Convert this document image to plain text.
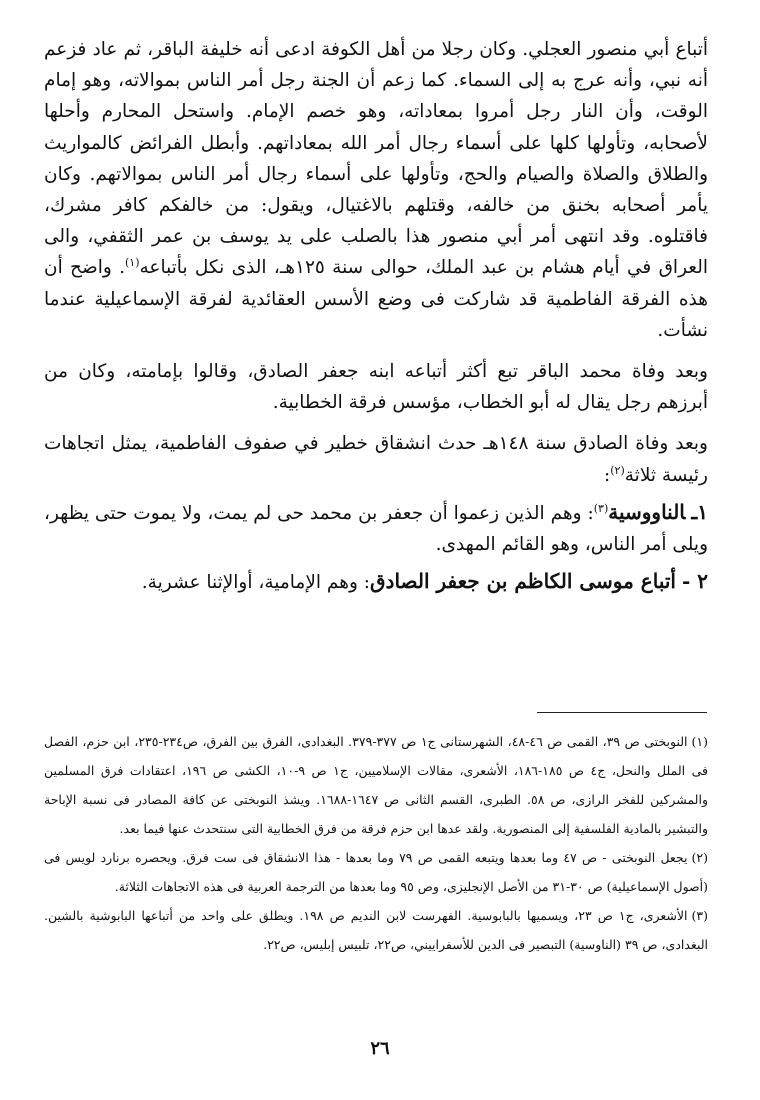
أتباع أبي منصور العجلي. وكان رجلا من أهل الكوفة ادعى أنه خليفة الباقر، ثم عاد فزعم أنه نبي، وأنه عرج به إلى السماء. كما زعم أن الجنة رجل أمر الناس بموالاته، وهو إمام الوقت، وأن النار رجل أمروا بمعاداته، وهو خصم الإمام. واستحل المحارم وأحلها لأصحابه، وتأولها كلها على أسماء رجال أمر الله بمعاداتهم. وأبطل الفرائض كالمواريث والطلاق والصلاة والصيام والحج، وتأولها على أسماء رجال أمر الناس بموالاتهم. وكان يأمر أصحابه بخنق من خالفه، وقتلهم بالاغتيال، ويقول: من خالفكم كافر مشرك، فاقتلوه. وقد انتهى أمر أبي منصور هذا بالصلب على يد يوسف بن عمر الثقفي، والى العراق في أيام هشام بن عبد الملك، حوالى سنة ١٢٥هـ، الذى نكل بأتباعه$^{(١)}$. واضح أن هذه الفرقة الفاطمية قد شاركت فى وضع الأسس العقائدية لفرقة الإسماعيلية عندما نشأت.

وبعد وفاة محمد الباقر تبع أكثر أتباعه ابنه جعفر الصادق، وقالوا بإمامته، وكان من أبرزهم رجل يقال له أبو الخطاب، مؤسس فرقة الخطابية.

وبعد وفاة الصادق سنة ١٤٨هـ حدث انشقاق خطير في صفوف الفاطمية، يمثل اتجاهات رئيسة ثلاثة$^{(٢)}$:

١ـالناووسية$^{(٣)}$: وهم الذين زعموا أن جعفر بن محمد حى لم يمت، ولا يموت حتى يظهر، ويلى أمر الناس، وهو القائم المهدى.

٢ -أتباع موسى الكاظم بن جعفر الصادق: وهم الإمامية، أوالإثنا عشرية.

(١)النوبختى ص ٣٩، القمى ص ٤٦-٤٨، الشهرستانى ج١ ص ٣٧٧-٣٧٩. البغدادى، الفرق بين الفرق، ص٢٣٤-٢٣٥، ابن حزم، الفصل فى الملل والنحل، ج٤ ص ١٨٥-١٨٦، الأشعرى، مقالات الإسلاميين، ج١ ص ٩-١٠، الكشى ص ١٩٦، اعتقادات فرق المسلمين والمشركين للفخر الرازى، ص ٥٨. الطبرى، القسم الثانى ص ١٦٤٧-١٦٨٨. ويشذ النوبختى عن كافة المصادر فى نسبة الإباحة والتبشير بالمادية الفلسفية إلى المنصورية. ولقد عدها ابن حزم فرقة من فرق الخطابية التى سنتحدث عنها فيما بعد.

(٢)يجعل النوبختى - ص ٤٧ وما بعدها ويتبعه القمى ص ٧٩ وما بعدها - هذا الانشقاق فى ست فرق. ويحصره برنارد لويس فى (أصول الإسماعيلية) ص ٣٠-٣١ من الأصل الإنجليزى، وص ٩٥ وما بعدها من الترجمة العربية فى هذه الاتجاهات الثلاثة.

(٣)الأشعرى، ج١ ص ٢٣، ويسميها بالبابوسية. الفهرست لابن النديم ص ١٩٨. ويطلق على واحد من أتباعها البابوشية بالشين. البغدادى، ص ٣٩ (الناوسية) التبصير فى الدين للأسفراييني، ص٢٢، تلبيس إبليس، ص٢٢.

٢٦
